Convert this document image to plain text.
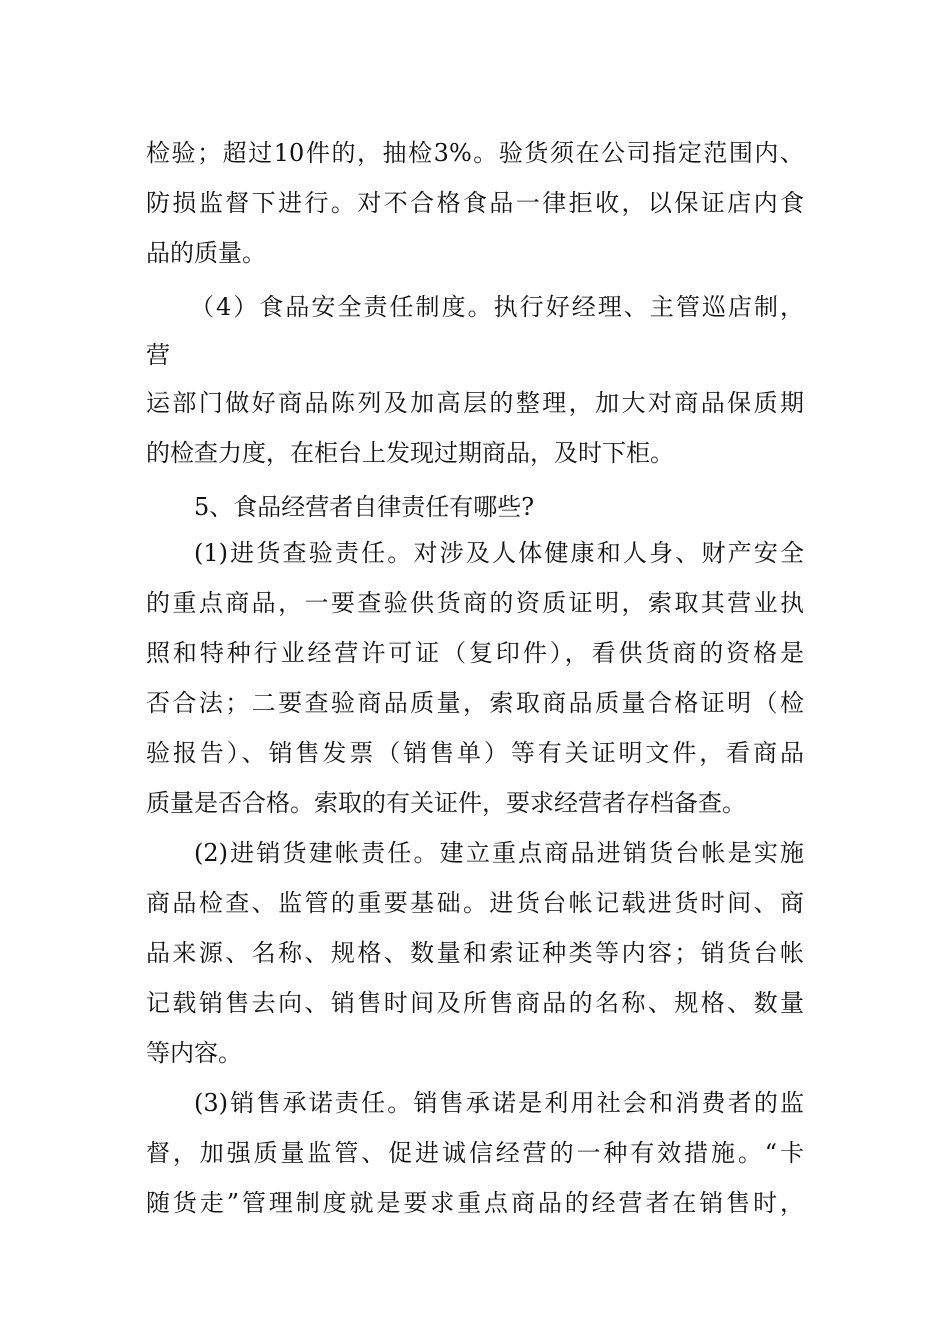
检验；超过10件的，抽检3%。验货须在公司指定范围内、

防损监督下进行。对不合格食品一律拒收，以保证店内食

品的质量。

（4）食品安全责任制度。执行好经理、主管巡店制，

营

运部门做好商品陈列及加高层的整理，加大对商品保质期

的检查力度，在柜台上发现过期商品，及时下柜。

5、食品经营者自律责任有哪些?

(1)进货查验责任。对涉及人体健康和人身、财产安全

的重点商品，一要查验供货商的资质证明，索取其营业执

照和特种行业经营许可证（复印件），看供货商的资格是

否合法；二要查验商品质量，索取商品质量合格证明（检

验报告）、销售发票（销售单）等有关证明文件，看商品

质量是否合格。索取的有关证件，要求经营者存档备查。

(2)进销货建帐责任。建立重点商品进销货台帐是实施

商品检查、监管的重要基础。进货台帐记载进货时间、商

品来源、名称、规格、数量和索证种类等内容；销货台帐

记载销售去向、销售时间及所售商品的名称、规格、数量

等内容。

(3)销售承诺责任。销售承诺是利用社会和消费者的监

督，加强质量监管、促进诚信经营的一种有效措施。“卡

随货走”管理制度就是要求重点商品的经营者在销售时，
